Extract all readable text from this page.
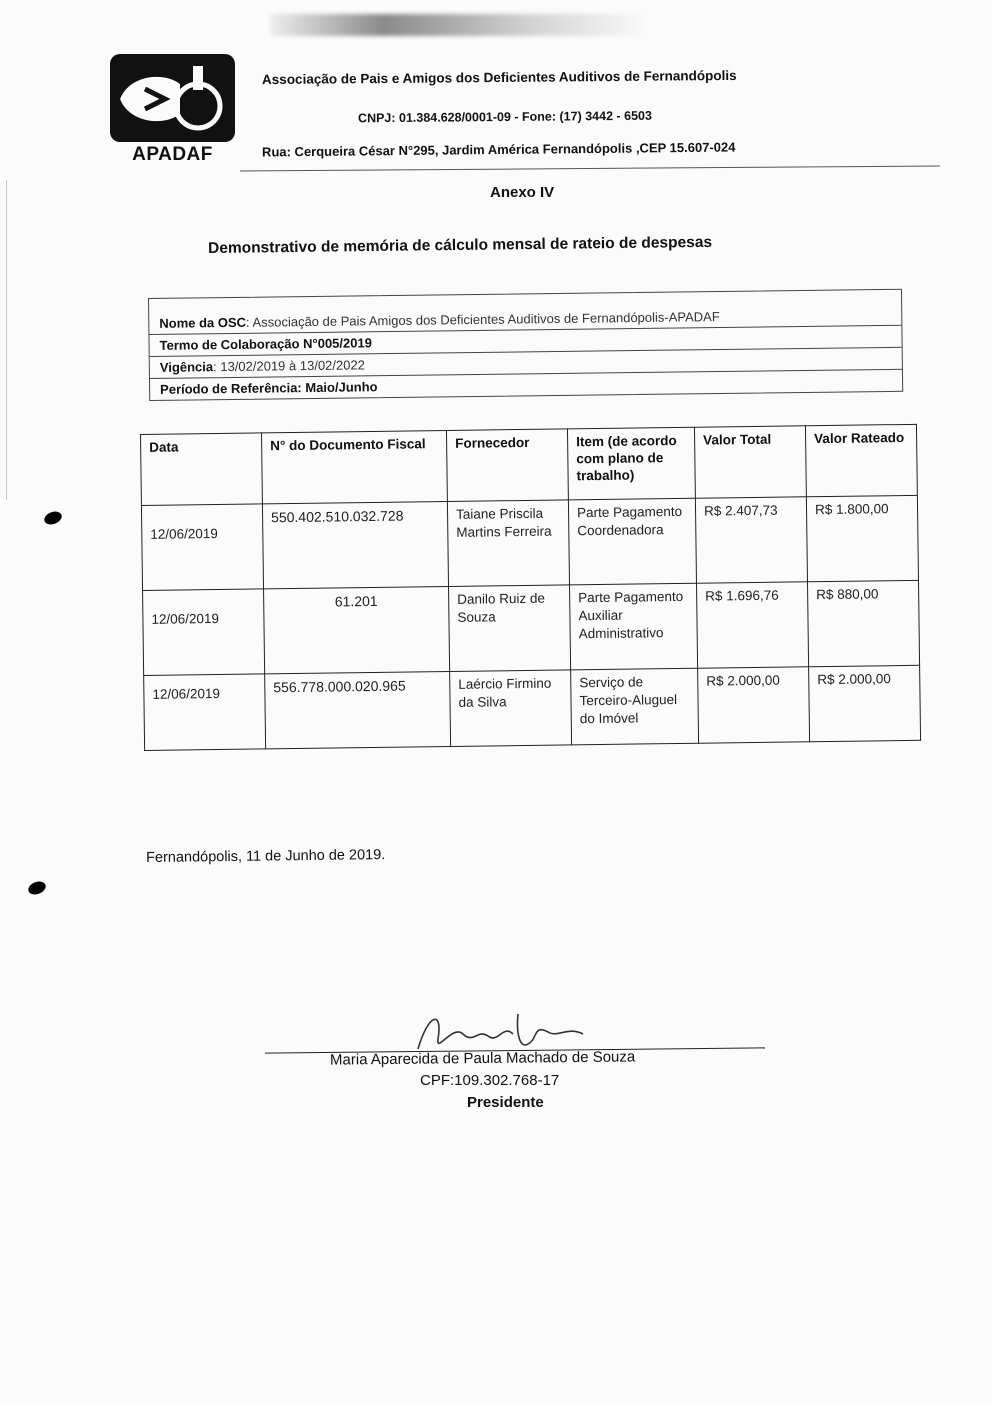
APADAF
Associação de Pais e Amigos dos Deficientes Auditivos de Fernandópolis
CNPJ: 01.384.628/0001-09 - Fone: (17) 3442 - 6503
Rua: Cerqueira César N°295, Jardim América Fernandópolis ,CEP 15.607-024
Anexo IV
Demonstrativo de memória de cálculo mensal de rateio de despesas
Nome da OSC: Associação de Pais Amigos dos Deficientes Auditivos de Fernandópolis-APADAF
Termo de Colaboração N°005/2019
Vigência: 13/02/2019 à 13/02/2022
Período de Referência: Maio/Junho
Data	N° do Documento Fiscal	Fornecedor	Item (de acordo com plano de trabalho)	Valor Total	Valor Rateado
12/06/2019	550.402.510.032.728	Taiane Priscila Martins Ferreira	Parte Pagamento Coordenadora	R$ 2.407,73	R$ 1.800,00
12/06/2019	61.201	Danilo Ruiz de Souza	Parte Pagamento Auxiliar Administrativo	R$ 1.696,76	R$ 880,00
12/06/2019	556.778.000.020.965	Laércio Firmino da Silva	Serviço de Terceiro-Aluguel do Imóvel	R$ 2.000,00	R$ 2.000,00
Fernandópolis, 11 de Junho de 2019.
Maria Aparecida de Paula Machado de Souza
CPF:109.302.768-17
Presidente
